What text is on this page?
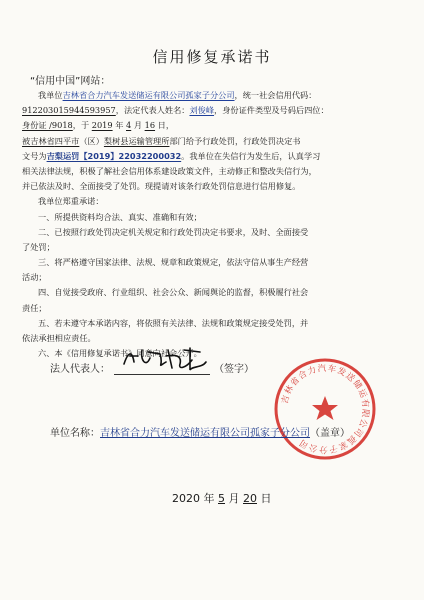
信用修复承诺书
“信用中国”网站：
我单位吉林省合力汽车发送储运有限公司孤家子分公司，统一社会信用代码：
912203015944593957，法定代表人姓名：刘俊峰，身份证件类型及号码后四位：
身份证 /9018，于 2019 年 4 月 16 日，
被吉林省四平市（区）梨树县运输管理所部门给予行政处罚，行政处罚决定书
文号为吉梨运罚【2019】22032200032。我单位在失信行为发生后，认真学习
相关法律法规，积极了解社会信用体系建设政策文件，主动修正和整改失信行为，
并已依法及时、全面接受了处罚。现提请对该条行政处罚信息进行信用修复。
我单位郑重承诺：
一、所提供资料均合法、真实、准确和有效；
二、已按照行政处罚决定机关规定和行政处罚决定书要求，及时、全面接受
了处罚；
三、将严格遵守国家法律、法规、规章和政策规定，依法守信从事生产经营
活动；
四、自觉接受政府、行业组织、社会公众、新闻舆论的监督，积极履行社会
责任；
五、若未遵守本承诺内容，将依照有关法律、法规和政策规定接受处罚，并
依法承担相应责任。
六、本《信用修复承诺书》同意向社会公开。
法人代表人：	（签字）
吉林省合力汽车发送储运有限公司孤家子分公司
单位名称：吉林省合力汽车发送储运有限公司孤家子分公司（盖章）
2020 年 5 月 20 日
